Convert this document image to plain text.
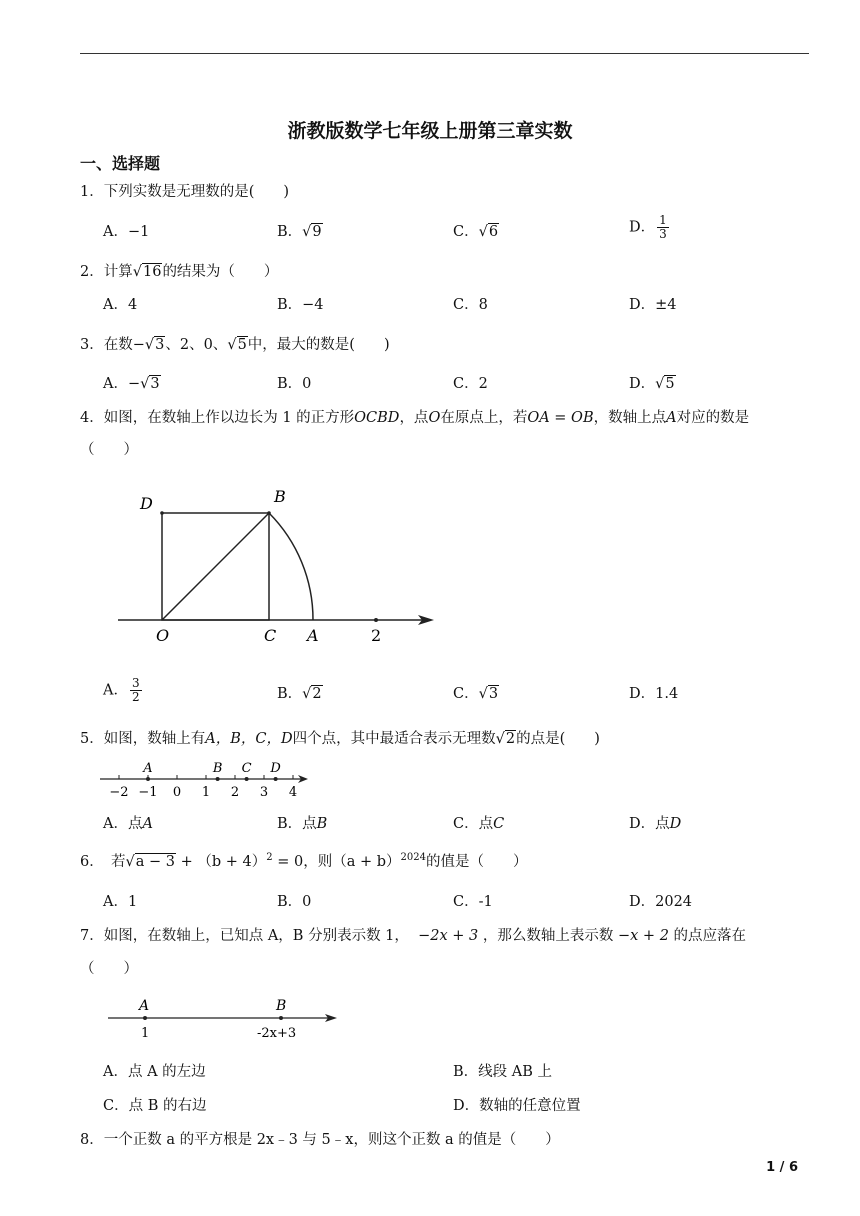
浙教版数学七年级上册第三章实数
一、选择题
1．下列实数是无理数的是(　　)
A．−1	B．√9	C．√6	D． $\frac{1}{3}$
2．计算√16的结果为（　　）
A．4	B．−4	C．8	D．±4
3．在数−√3、2、0、√5中，最大的数是(　　)
A．−√3	B．0	C．2	D．√5
4．如图，在数轴上作以边长为 1 的正方形OCBD，点O在原点上，若OA = OB，数轴上点A对应的数是
（　　）
D	B
O	C A	2
A． $\frac{3}{2}$	B．√2	C．√3	D．1.4
5．如图，数轴上有A，B，C，D四个点，其中最适合表示无理数√2的点是(　　)
−2 −1 0 1 2 3 4
A	B C D
A．点A	B．点B	C．点C	D．点D
6．　若$√a - 3 + (b + 4)^2 = 0$，则$(a + b)^{2024}$的值是（　　）
A．1	B．0	C．-1	D．2024
7．如图，在数轴上，已知点 A，B 分别表示数 1， −2x + 3 ，那么数轴上表示数 −x + 2 的点应落在
（　　）
A	B
1	-2x+3
A．点 A 的左边	B．线段 AB 上
C．点 B 的右边	D．数轴的任意位置
8．一个正数 a 的平方根是 2x﹣3 与 5﹣x，则这个正数 a 的值是（　　）
1 / 6
